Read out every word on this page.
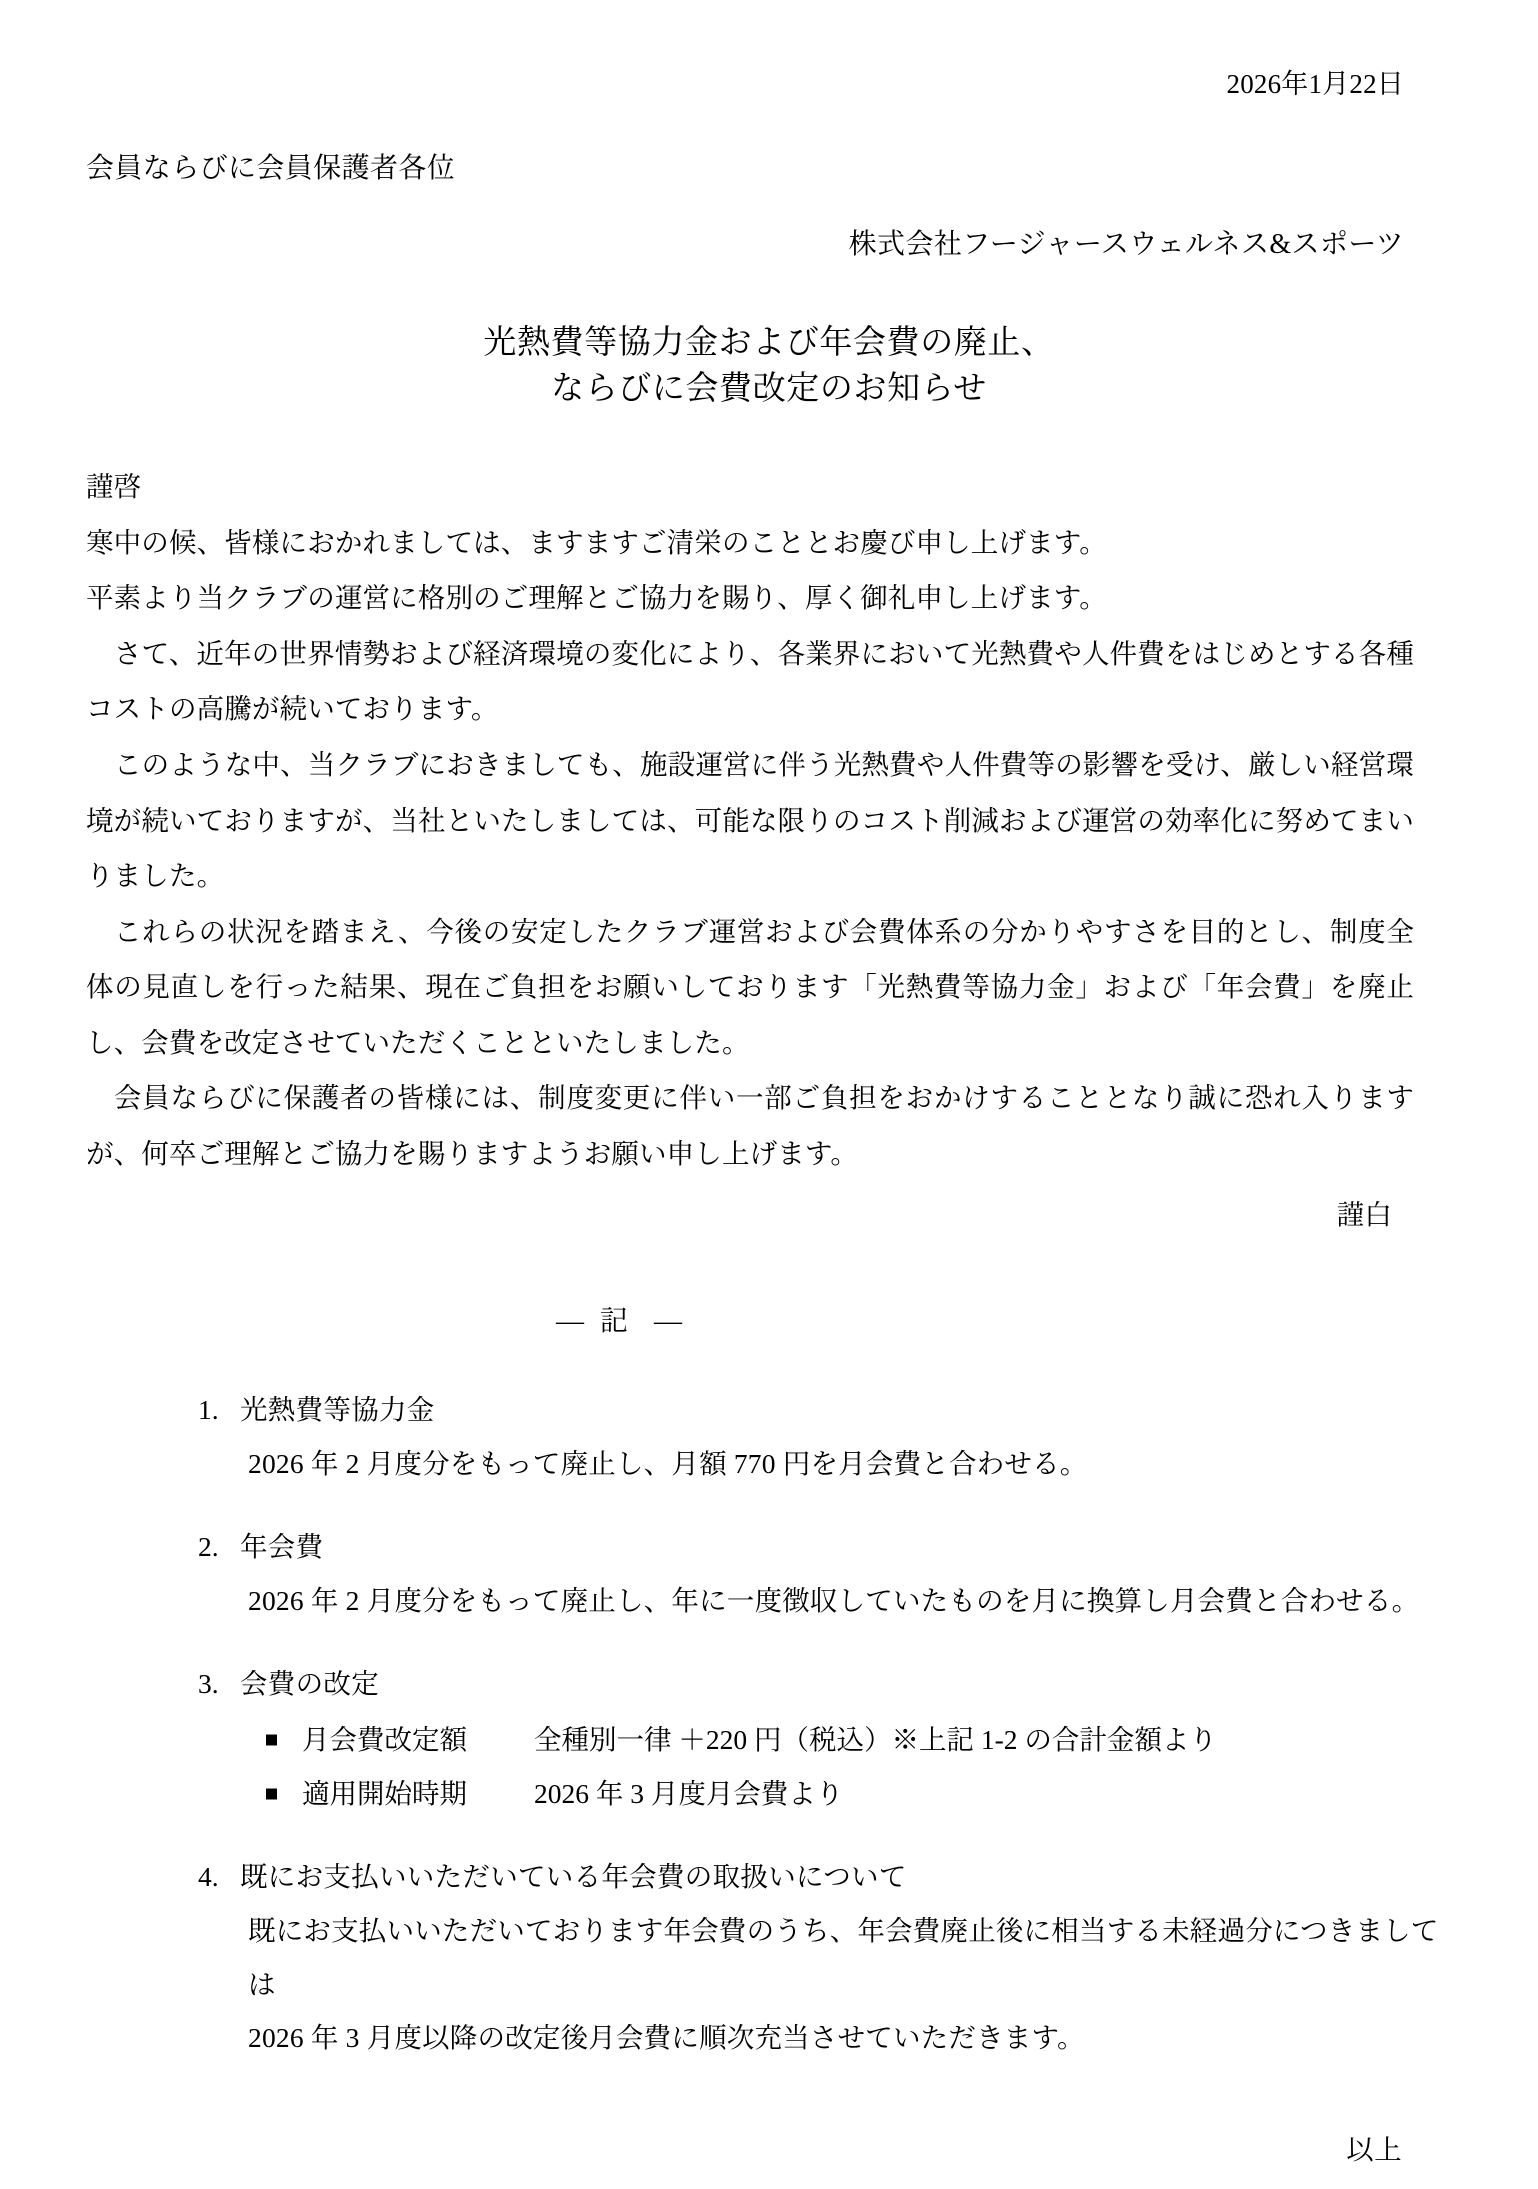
2026年1月22日
会員ならびに会員保護者各位
株式会社フージャースウェルネス&スポーツ
光熱費等協力金および年会費の廃止、
ならびに会費改定のお知らせ

謹啓

寒中の候、皆様におかれましては、ますますご清栄のこととお慶び申し上げます。

平素より当クラブの運営に格別のご理解とご協力を賜り、厚く御礼申し上げます。

さて、近年の世界情勢および経済環境の変化により、各業界において光熱費や人件費をはじめとする各種コストの高騰が続いております。

このような中、当クラブにおきましても、施設運営に伴う光熱費や人件費等の影響を受け、厳しい経営環境が続いておりますが、当社といたしましては、可能な限りのコスト削減および運営の効率化に努めてまいりました。

これらの状況を踏まえ、今後の安定したクラブ運営および会費体系の分かりやすさを目的とし、制度全体の見直しを行った結果、現在ご負担をお願いしております「光熱費等協力金」および「年会費」を廃止し、会費を改定させていただくことといたしました。

会員ならびに保護者の皆様には、制度変更に伴い一部ご負担をおかけすることとなり誠に恐れ入りますが、何卒ご理解とご協力を賜りますようお願い申し上げます。

謹白

— 記 —
1. 光熱費等協力金
2026 年 2 月度分をもって廃止し、月額 770 円を月会費と合わせる。
2. 年会費
2026 年 2 月度分をもって廃止し、年に一度徴収していたものを月に換算し月会費と合わせる。
3. 会費の改定
月会費改定額 全種別一律 ＋220 円（税込）※上記 1-2 の合計金額より
適用開始時期 2026 年 3 月度月会費より
4. 既にお支払いいただいている年会費の取扱いについて
既にお支払いいただいております年会費のうち、年会費廃止後に相当する未経過分につきましては
2026 年 3 月度以降の改定後月会費に順次充当させていただきます。
以上
